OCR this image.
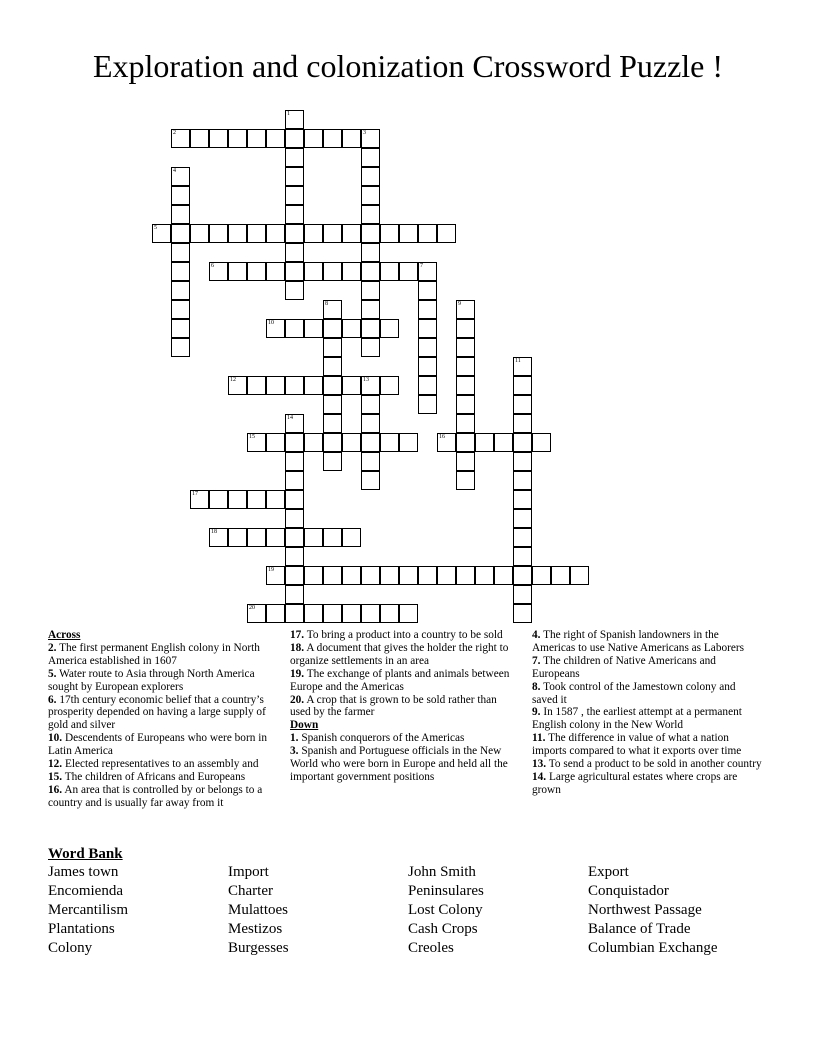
Exploration and colonization Crossword Puzzle !
1
2	3
4
5
6	7
8	9
10
11
12	13
14
15	16
17
18
19
20

Across

2. The first permanent English colony in North America established in 1607

5. Water route to Asia through North America sought by European explorers

6. 17th century economic belief that a country’s prosperity depended on having a large supply of gold and silver

10. Descendents of Europeans who were born in Latin America

12. Elected representatives to an assembly and

15. The children of Africans and Europeans

16. An area that is controlled by or belongs to a country and is usually far away from it

17. To bring a product into a country to be sold

18. A document that gives the holder the right to organize settlements in an area

19. The exchange of plants and animals between Europe and the Americas

20. A crop that is grown to be sold rather than used by the farmer

Down

1. Spanish conquerors of the Americas

3. Spanish and Portuguese officials in the New World who were born in Europe and held all the important government positions

4. The right of Spanish landowners in the Americas to use Native Americans as Laborers

7. The children of Native Americans and Europeans

8. Took control of the Jamestown colony and saved it

9. In 1587 , the earliest attempt at a permanent English colony in the New World

11. The difference in value of what a nation imports compared to what it exports over time

13. To send a product to be sold in another country

14. Large agricultural estates where crops are grown

Word Bank
James town
Encomienda
Mercantilism
Plantations
Colony
Import
Charter
Mulattoes
Mestizos
Burgesses
John Smith
Peninsulares
Lost Colony
Cash Crops
Creoles
Export
Conquistador
Northwest Passage
Balance of Trade
Columbian Exchange
